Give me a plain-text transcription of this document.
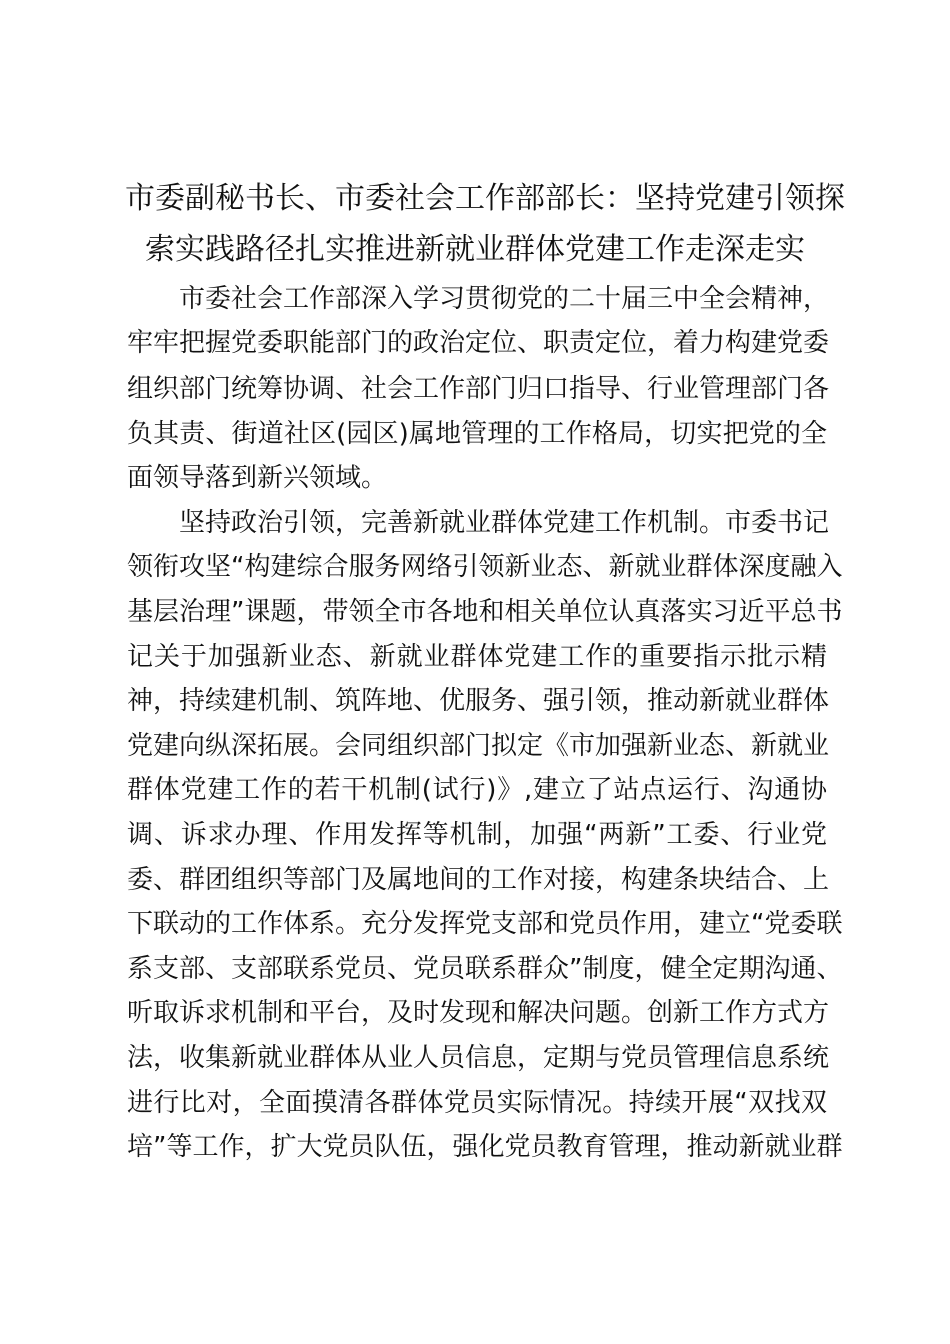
市委副秘书长、市委社会工作部部长：坚持党建引领探
索实践路径扎实推进新就业群体党建工作走深走实
市委社会工作部深入学习贯彻党的二十届三中全会精神，
牢牢把握党委职能部门的政治定位、职责定位，着力构建党委
组织部门统筹协调、社会工作部门归口指导、行业管理部门各
负其责、街道社区(园区)属地管理的工作格局，切实把党的全
面领导落到新兴领域。
坚持政治引领，完善新就业群体党建工作机制。市委书记
领衔攻坚“构建综合服务网络引领新业态、新就业群体深度融入
基层治理”课题，带领全市各地和相关单位认真落实习近平总书
记关于加强新业态、新就业群体党建工作的重要指示批示精
神，持续建机制、筑阵地、优服务、强引领，推动新就业群体
党建向纵深拓展。会同组织部门拟定《市加强新业态、新就业
群体党建工作的若干机制(试行)》,建立了站点运行、沟通协
调、诉求办理、作用发挥等机制，加强“两新”工委、行业党
委、群团组织等部门及属地间的工作对接，构建条块结合、上
下联动的工作体系。充分发挥党支部和党员作用，建立“党委联
系支部、支部联系党员、党员联系群众”制度，健全定期沟通、
听取诉求机制和平台，及时发现和解决问题。创新工作方式方
法，收集新就业群体从业人员信息，定期与党员管理信息系统
进行比对，全面摸清各群体党员实际情况。持续开展“双找双
培”等工作，扩大党员队伍，强化党员教育管理，推动新就业群
